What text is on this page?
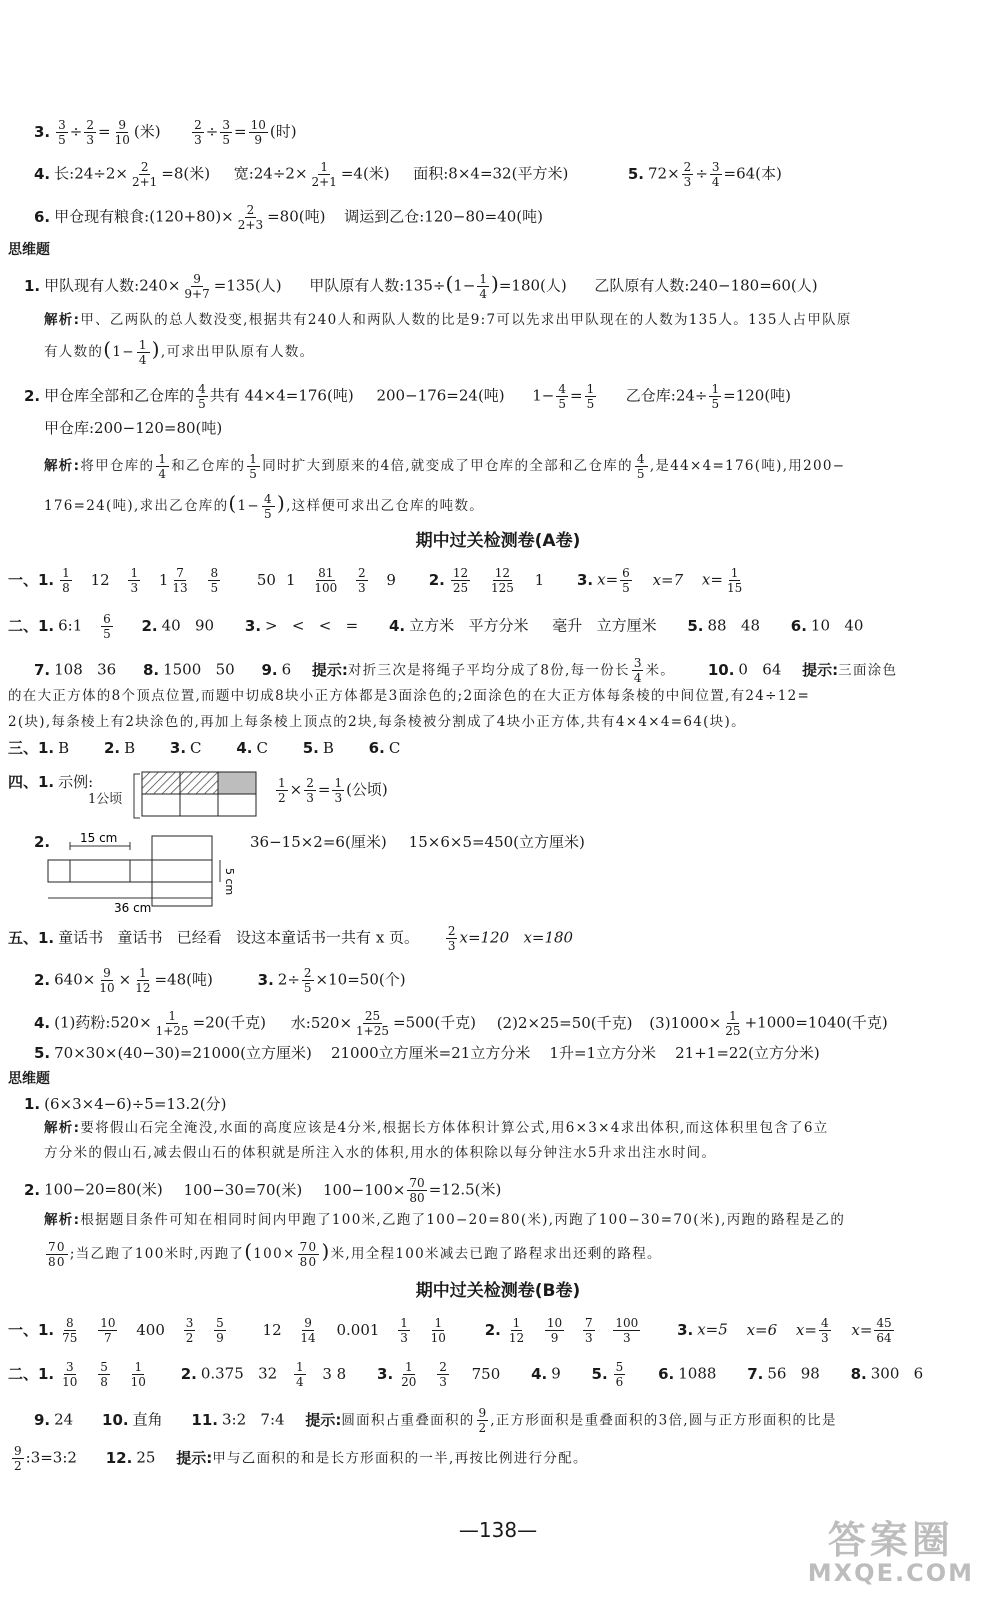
3. $\frac{3}{5} \div \frac{2}{3} = \frac{9}{10}$ (米)	$\frac{2}{3} \div \frac{3}{5} = \frac{10}{9}$ (时)
4. 长:24÷2× $\frac{2}{2+1} =8$(米) 宽:24÷2× $\frac{1}{2+1} =4$(米) 面积:8×4=32(平方米)	5. $72\times \frac{2}{3} \div \frac{3}{4} =64$(本)
6. 甲仓现有粮食:(120+80)× $\frac{2}{2+3} =80$(吨) 调运到乙仓:120−80=40(吨)
思维题
1. 甲队现有人数:240× $\frac{9}{9+7} =135$(人) 甲队原有人数:135÷(1− $\frac{1}{4} )=180$(人) 乙队原有人数:240−180=60(人)
解析:甲、乙两队的总人数没变,根据共有240人和两队人数的比是9:7可以先求出甲队现在的人数为135人。135人占甲队原
有人数的($1- \frac{1}{4}$ ),可求出甲队原有人数。
2. 甲仓库全部和乙仓库的 $\frac{4}{5}$ 共有 44×4=176(吨) 200−176=24(吨) $1- \frac{4}{5} = \frac{1}{5}$ 乙仓库:24÷ $\frac{1}{5} =120$(吨)
甲仓库:200−120=80(吨)
解析:将甲仓库的 $\frac{1}{4}$ 和乙仓库的 $\frac{1}{5}$ 同时扩大到原来的4倍,就变成了甲仓库的全部和乙仓库的 $\frac{4}{5}$ ,是44×4=176(吨),用200−
176=24(吨),求出乙仓库的($1- \frac{4}{5}$ ),这样便可求出乙仓库的吨数。
期中过关检测卷(A卷)
一、1. $\frac{1}{8} 12 \frac{1}{3} 1 \frac{7}{13}$
$\frac{8}{5} 50$ $1 \frac{81}{100}$
$\frac{2}{3} 9$ 2. $\frac{12}{25}$
$\frac{12}{125} 1$ 3. $x= \frac{6}{5} x=7$ $x= \frac{1}{15}$
二、1. 6:1 $\frac{6}{5} 2$. 40   90 3. >   <   <   = 4. 立方米   平方分米     毫升   立方厘米 5. 88   48 6. 10   40
7. 108   36 8. 1500   50 9. 6 提示:对折三次是将绳子平均分成了8份,每一份长 $\frac{3}{4}$ 米。 10. 0   64 提示:三面涂色
的在大正方体的8个顶点位置,而题中切成8块小正方体都是3面涂色的;2面涂色的在大正方体每条棱的中间位置,有24÷12=
2(块),每条棱上有2块涂色的,再加上每条棱上顶点的2块,每条棱被分割成了4块小正方体,共有4×4×4=64(块)。
三、1. B 2. B 3. C 4. C 5. B 6. C
四、1. 示例:
1公顷	$\frac{1}{2} \times \frac{2}{3} = \frac{1}{3}$ (公顷)
2.	15 cm
5 cm
36 cm
36−15×2=6(厘米) 15×6×5=450(立方厘米)
五、1. 童话书   童话书   已经看   设这本童话书一共有 x 页。 $\frac{2}{3} x=120$   x=180
2. $640\times \frac{9}{10} \times \frac{1}{12} =48$(吨)	3. $2\div \frac{2}{5} \times 10=50$(个)
4. (1)药粉:520× $\frac{1}{1+25} =20$(千克) 水:520× $\frac{25}{1+25} =500$(千克) (2)2×25=50(千克) $(3)1000\times \frac{1}{25} +1000=1040$(千克)
5. 70×30×(40−30)=21000(立方厘米)    21000立方厘米=21立方分米    1升=1立方分米    21+1=22(立方分米)
思维题
1. (6×3×4−6)÷5=13.2(分)
解析:要将假山石完全淹没,水面的高度应该是4分米,根据长方体体积计算公式,用6×3×4求出体积,而这体积里包含了6立
方分米的假山石,减去假山石的体积就是所注入水的体积,用水的体积除以每分钟注水5升求出注水时间。
2. 100−20=80(米) 100−30=70(米) $100-100\times \frac{70}{80} =12.5$(米)
解析:根据题目条件可知在相同时间内甲跑了100米,乙跑了100−20=80(米),丙跑了100−30=70(米),丙跑的路程是乙的
$\frac{70}{80}$ ;当乙跑了100米时,丙跑了($100\times \frac{70}{80}$ )米,用全程100米减去已跑了路程求出还剩的路程。
期中过关检测卷(B卷)
一、1. $\frac{8}{75}$
$\frac{10}{7} 400 \frac{3}{2}$
$\frac{5}{9} 12 \frac{9}{14} 0.001 \frac{1}{3}$
$\frac{1}{10} 2$. $\frac{1}{12}$
$\frac{10}{9}$
$\frac{7}{3}$
$\frac{100}{3} 3$. x=5 x=6 $x= \frac{4}{3} x= \frac{45}{64}$
二、1. $\frac{3}{10}$
$\frac{5}{8}$
$\frac{1}{10} 2$. 0.375   $32 \frac{1}{4} 3$ 8 3. $\frac{1}{20}$
$\frac{2}{3} 750$ 4. 9 5. $\frac{5}{6} 6$. 1088 7. 56   98 8. 300   6
9. 24 10. 直角 11. 3:2   7:4 提示:圆面积占重叠面积的 $\frac{9}{2}$ ,正方形面积是重叠面积的3倍,圆与正方形面积的比是
$\frac{9}{2}$ :3=3:2 12. 25 提示:甲与乙面积的和是长方形面积的一半,再按比例进行分配。
—138—	答案圈
MXQE.COM
